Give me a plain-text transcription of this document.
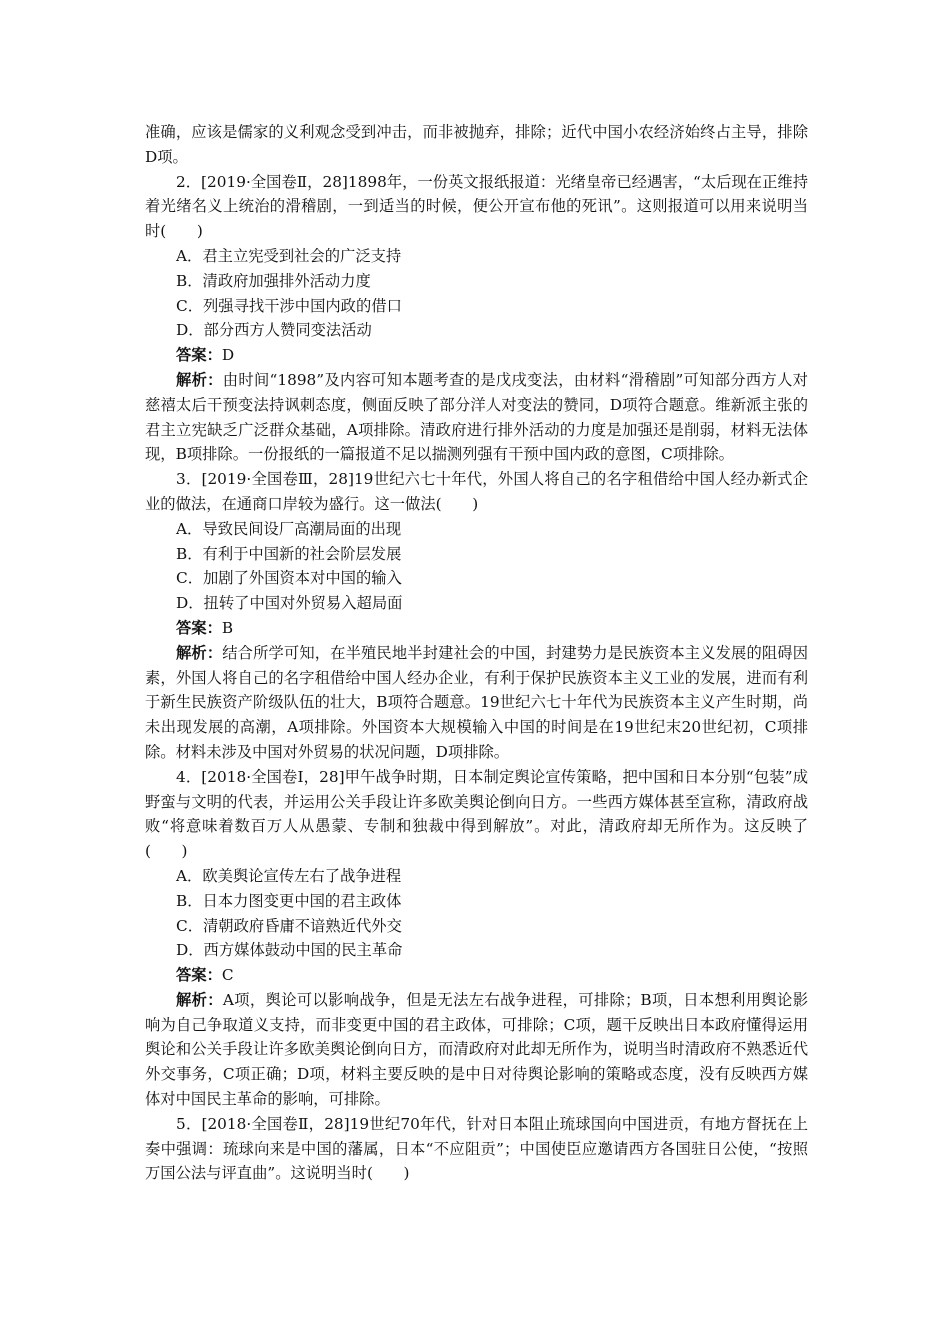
准确，应该是儒家的义利观念受到冲击，而非被抛弃，排除；近代中国小农经济始终占主导，排除D项。

2．[2019·全国卷Ⅱ，28]1898年，一份英文报纸报道：光绪皇帝已经遇害，“太后现在正维持着光绪名义上统治的滑稽剧，一到适当的时候，便公开宣布他的死讯”。这则报道可以用来说明当时(　　)

A．君主立宪受到社会的广泛支持

B．清政府加强排外活动力度

C．列强寻找干涉中国内政的借口

D．部分西方人赞同变法活动

答案：D

解析：由时间“1898”及内容可知本题考查的是戊戌变法，由材料“滑稽剧”可知部分西方人对慈禧太后干预变法持讽刺态度，侧面反映了部分洋人对变法的赞同，D项符合题意。维新派主张的君主立宪缺乏广泛群众基础，A项排除。清政府进行排外活动的力度是加强还是削弱，材料无法体现，B项排除。一份报纸的一篇报道不足以揣测列强有干预中国内政的意图，C项排除。

3．[2019·全国卷Ⅲ，28]19世纪六七十年代，外国人将自己的名字租借给中国人经办新式企业的做法，在通商口岸较为盛行。这一做法(　　)

A．导致民间设厂高潮局面的出现

B．有利于中国新的社会阶层发展

C．加剧了外国资本对中国的输入

D．扭转了中国对外贸易入超局面

答案：B

解析：结合所学可知，在半殖民地半封建社会的中国，封建势力是民族资本主义发展的阻碍因素，外国人将自己的名字租借给中国人经办企业，有利于保护民族资本主义工业的发展，进而有利于新生民族资产阶级队伍的壮大，B项符合题意。19世纪六七十年代为民族资本主义产生时期，尚未出现发展的高潮，A项排除。外国资本大规模输入中国的时间是在19世纪末20世纪初，C项排除。材料未涉及中国对外贸易的状况问题，D项排除。

4．[2018·全国卷Ⅰ，28]甲午战争时期，日本制定舆论宣传策略，把中国和日本分别“包装”成野蛮与文明的代表，并运用公关手段让许多欧美舆论倒向日方。一些西方媒体甚至宣称，清政府战败“将意味着数百万人从愚蒙、专制和独裁中得到解放”。对此，清政府却无所作为。这反映了(　　)

A．欧美舆论宣传左右了战争进程

B．日本力图变更中国的君主政体

C．清朝政府昏庸不谙熟近代外交

D．西方媒体鼓动中国的民主革命

答案：C

解析：A项，舆论可以影响战争，但是无法左右战争进程，可排除；B项，日本想利用舆论影响为自己争取道义支持，而非变更中国的君主政体，可排除；C项，题干反映出日本政府懂得运用舆论和公关手段让许多欧美舆论倒向日方，而清政府对此却无所作为，说明当时清政府不熟悉近代外交事务，C项正确；D项，材料主要反映的是中日对待舆论影响的策略或态度，没有反映西方媒体对中国民主革命的影响，可排除。

5．[2018·全国卷Ⅱ，28]19世纪70年代，针对日本阻止琉球国向中国进贡，有地方督抚在上奏中强调：琉球向来是中国的藩属，日本“不应阻贡”；中国使臣应邀请西方各国驻日公使，“按照万国公法与评直曲”。这说明当时(　　)
